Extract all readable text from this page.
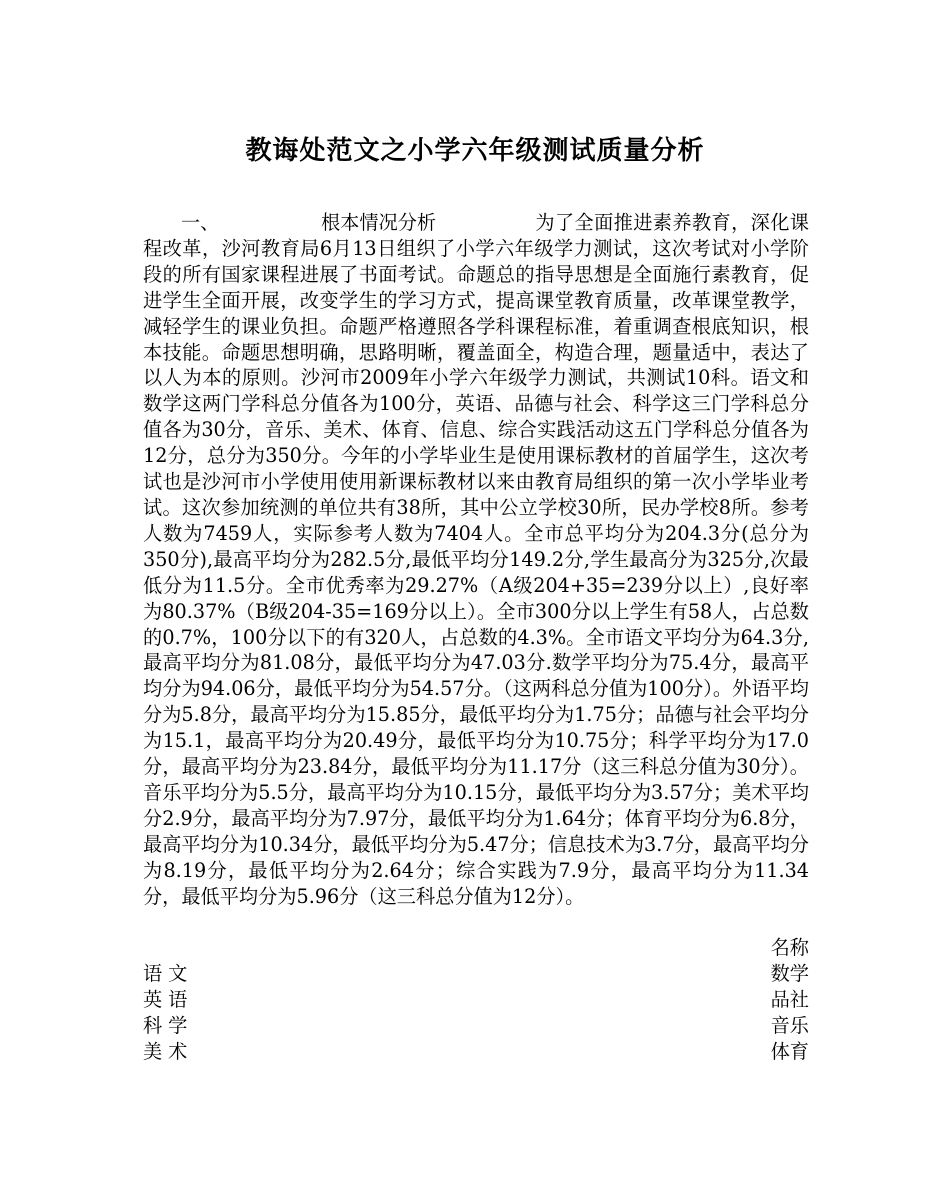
教诲处范文之小学六年级测试质量分析
一、	根本情况分析	为了全面推进素养教育，深化课程改革，沙河教育局6月13日组织了小学六年级学力测试，这次考试对小学阶段的所有国家课程进展了书面考试。命题总的指导思想是全面施行素教育，促进学生全面开展，改变学生的学习方式，提高课堂教育质量，改革课堂教学，减轻学生的课业负担。命题严格遵照各学科课程标准，着重调查根底知识，根本技能。命题思想明确，思路明晰，覆盖面全，构造合理，题量适中，表达了以人为本的原则。沙河市2009年小学六年级学力测试，共测试10科。语文和数学这两门学科总分值各为100分，英语、品德与社会、科学这三门学科总分值各为30分，音乐、美术、体育、信息、综合实践活动这五门学科总分值各为12分，总分为350分。今年的小学毕业生是使用课标教材的首届学生，这次考试也是沙河市小学使用使用新课标教材以来由教育局组织的第一次小学毕业考试。这次参加统测的单位共有38所，其中公立学校30所，民办学校8所。参考人数为7459人，实际参考人数为7404人。全市总平均分为204.3分(总分为350分),最高平均分为282.5分,最低平均分149.2分,学生最高分为325分,次最低分为11.5分。全市优秀率为29.27%（A级204+35=239分以上）,良好率为80.37%（B级204-35=169分以上）。全市300分以上学生有58人，占总数的0.7%，100分以下的有320人，占总数的4.3%。全市语文平均分为64.3分,最高平均分为81.08分，最低平均分为47.03分.数学平均分为75.4分，最高平均分为94.06分，最低平均分为54.57分。（这两科总分值为100分）。外语平均分为5.8分，最高平均分为15.85分，最低平均分为1.75分；品德与社会平均分为15.1，最高平均分为20.49分，最低平均分为10.75分；科学平均分为17.0分，最高平均分为23.84分，最低平均分为11.17分（这三科总分值为30分）。音乐平均分为5.5分，最高平均分为10.15分，最低平均分为3.57分；美术平均分2.9分，最高平均分为7.97分，最低平均分为1.64分；体育平均分为6.8分，最高平均分为10.34分，最低平均分为5.47分；信息技术为3.7分，最高平均分为8.19分，最低平均分为2.64分；综合实践为7.9分，最高平均分为11.34分，最低平均分为5.96分（这三科总分值为12分）。
名称
语文	数学
英语	品社
科学	音乐
美术	体育
